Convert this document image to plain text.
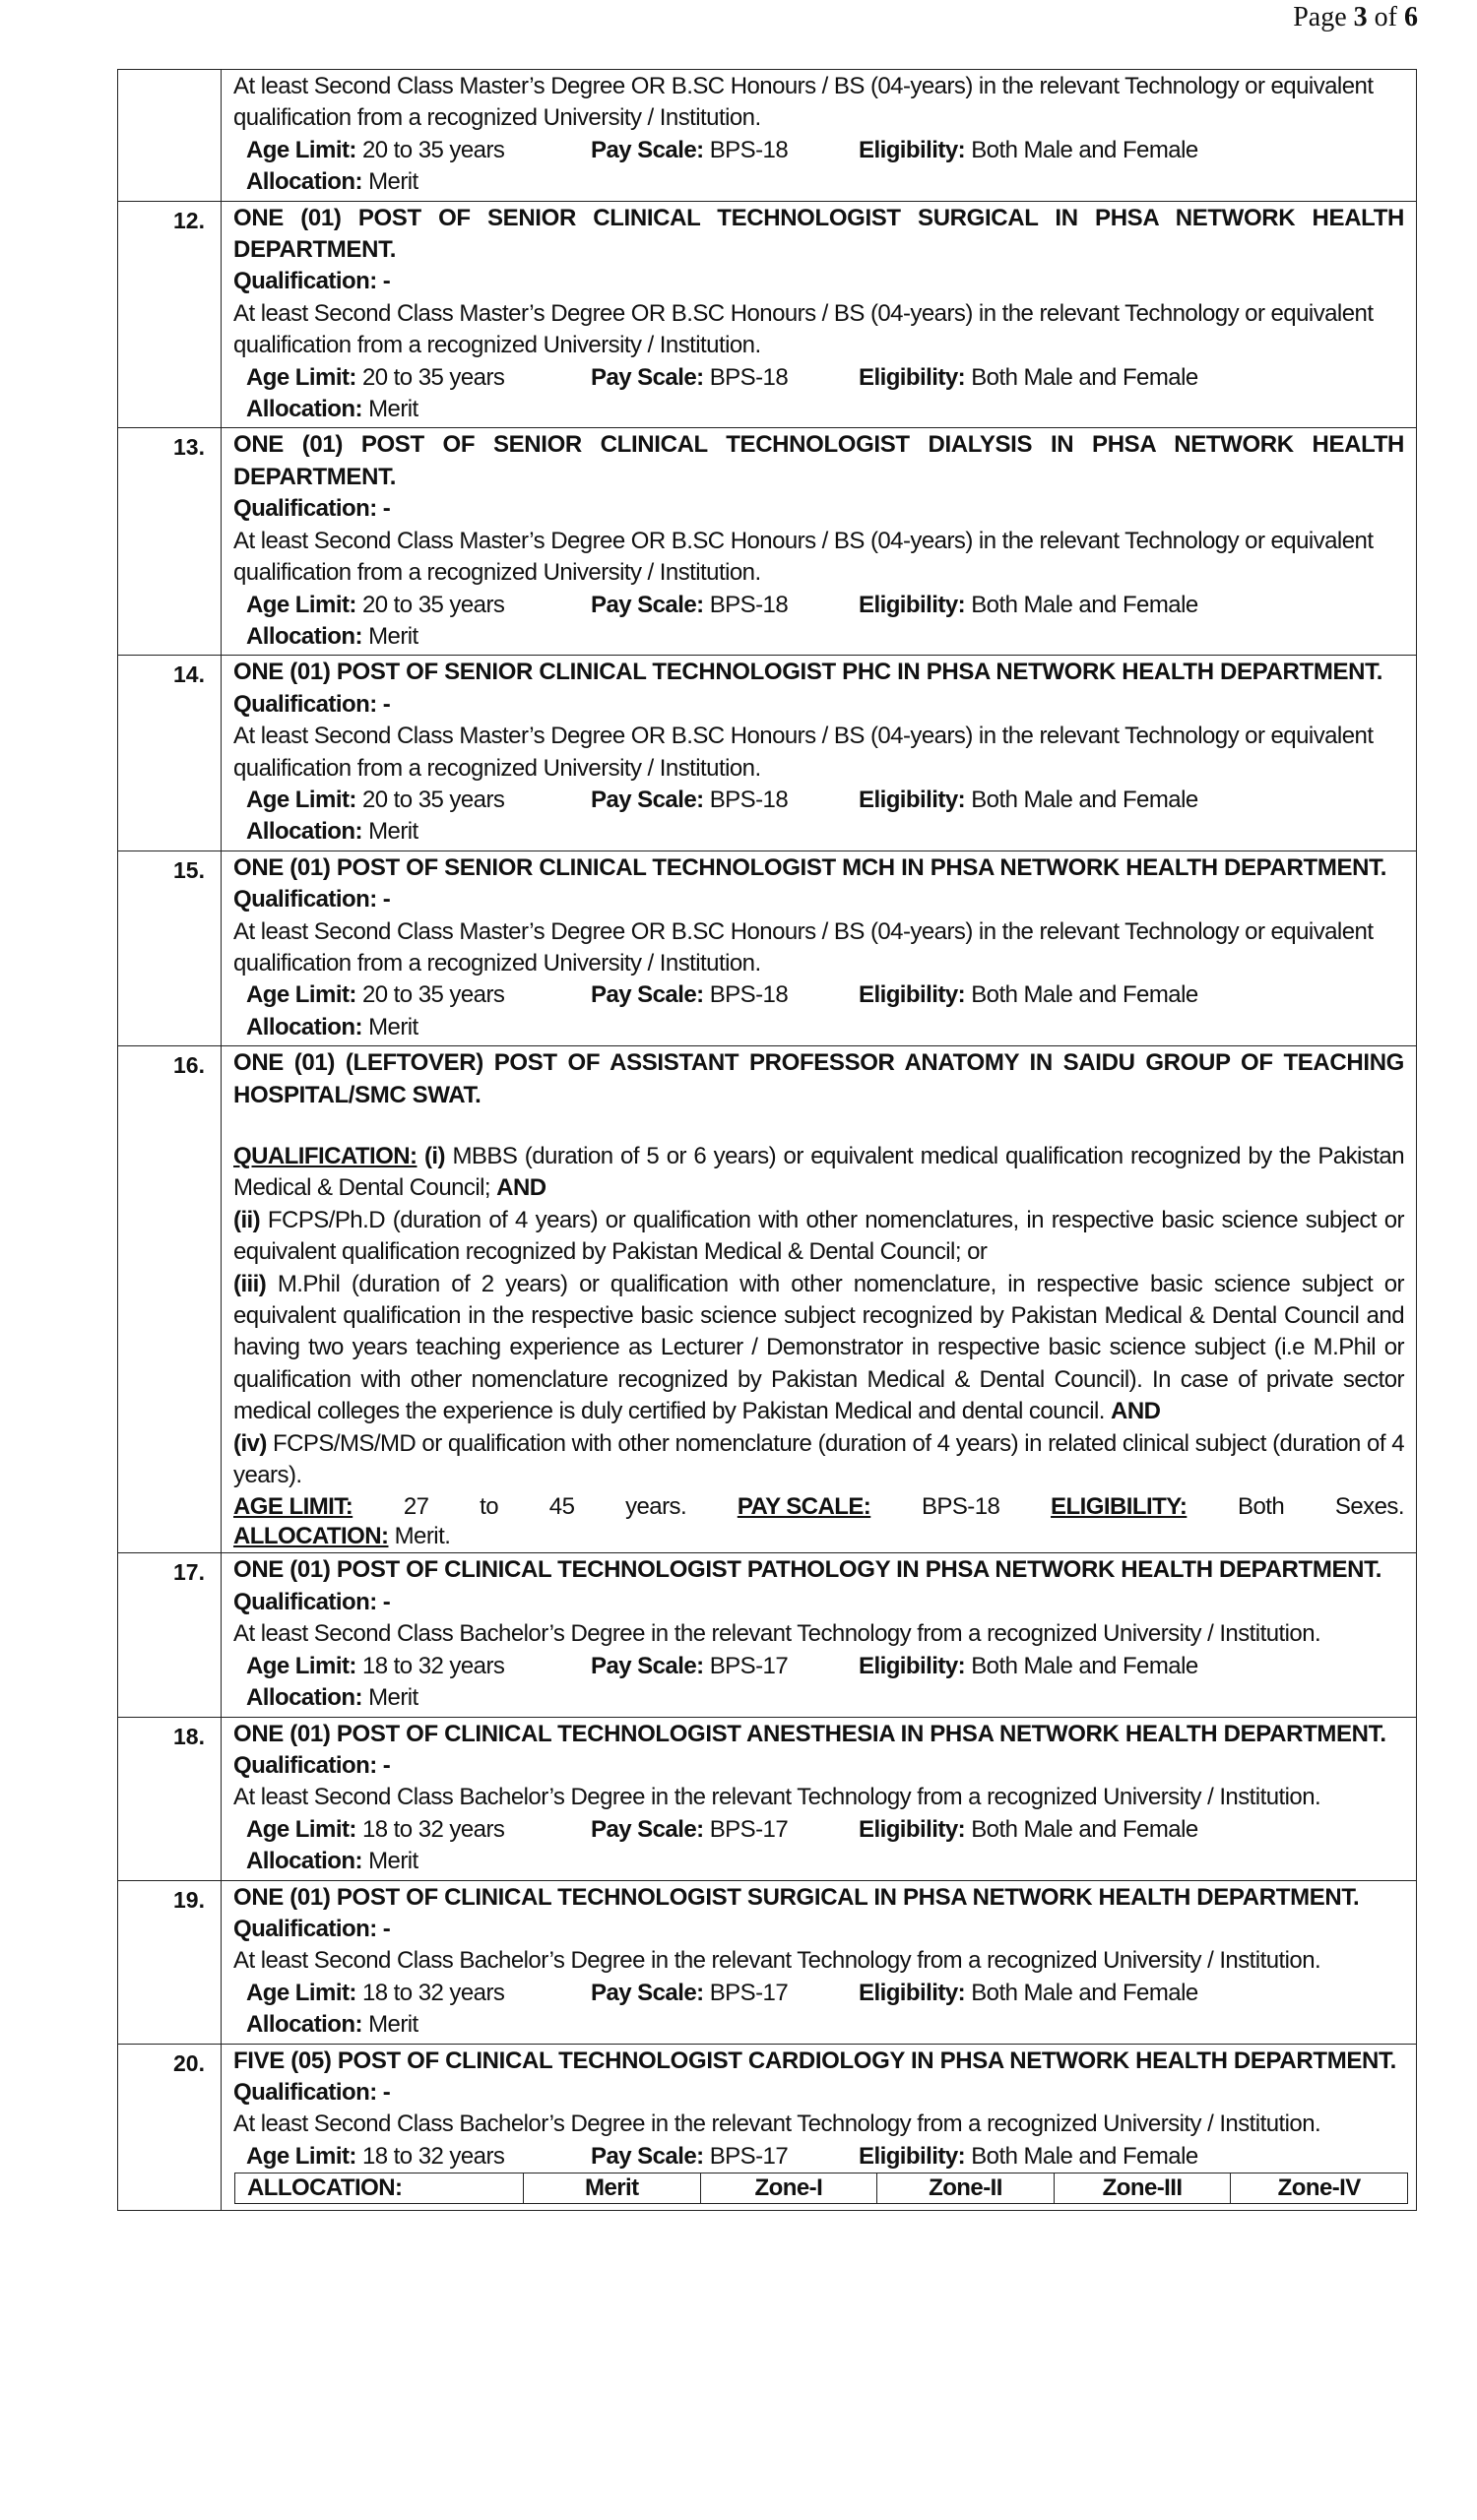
Page 3 of 6

At least Second Class Master’s Degree OR B.SC Honours / BS (04-years) in the relevant Technology or equivalent qualification from a recognized University / Institution.
Age Limit: 20 to 35 years	Pay Scale: BPS-18	Eligibility: Both Male and Female
Allocation: Merit

12.	ONE (01) POST OF SENIOR CLINICAL TECHNOLOGIST SURGICAL IN PHSA NETWORK HEALTH DEPARTMENT.
Qualification: -
At least Second Class Master’s Degree OR B.SC Honours / BS (04-years) in the relevant Technology or equivalent qualification from a recognized University / Institution.
Age Limit: 20 to 35 years	Pay Scale: BPS-18	Eligibility: Both Male and Female
Allocation: Merit

13.	ONE (01) POST OF SENIOR CLINICAL TECHNOLOGIST DIALYSIS IN PHSA NETWORK HEALTH DEPARTMENT.
Qualification: -
At least Second Class Master’s Degree OR B.SC Honours / BS (04-years) in the relevant Technology or equivalent qualification from a recognized University / Institution.
Age Limit: 20 to 35 years	Pay Scale: BPS-18	Eligibility: Both Male and Female
Allocation: Merit

14.	ONE (01) POST OF SENIOR CLINICAL TECHNOLOGIST PHC IN PHSA NETWORK HEALTH DEPARTMENT.
Qualification: -
At least Second Class Master’s Degree OR B.SC Honours / BS (04-years) in the relevant Technology or equivalent qualification from a recognized University / Institution.
Age Limit: 20 to 35 years	Pay Scale: BPS-18	Eligibility: Both Male and Female
Allocation: Merit

15.	ONE (01) POST OF SENIOR CLINICAL TECHNOLOGIST MCH IN PHSA NETWORK HEALTH DEPARTMENT.
Qualification: -
At least Second Class Master’s Degree OR B.SC Honours / BS (04-years) in the relevant Technology or equivalent qualification from a recognized University / Institution.
Age Limit: 20 to 35 years	Pay Scale: BPS-18	Eligibility: Both Male and Female
Allocation: Merit

16.	ONE (01) (LEFTOVER) POST OF ASSISTANT PROFESSOR ANATOMY IN SAIDU GROUP OF TEACHING HOSPITAL/SMC SWAT.
QUALIFICATION: (i) MBBS (duration of 5 or 6 years) or equivalent medical qualification recognized by the Pakistan Medical & Dental Council; AND
(ii) FCPS/Ph.D (duration of 4 years) or qualification with other nomenclatures, in respective basic science subject or equivalent qualification recognized by Pakistan Medical & Dental Council; or
(iii) M.Phil (duration of 2 years) or qualification with other nomenclature, in respective basic science subject or equivalent qualification in the respective basic science subject recognized by Pakistan Medical & Dental Council and having two years teaching experience as Lecturer / Demonstrator in respective basic science subject (i.e M.Phil or qualification with other nomenclature recognized by Pakistan Medical & Dental Council). In case of private sector medical colleges the experience is duly certified by Pakistan Medical and dental council. AND
(iv) FCPS/MS/MD or qualification with other nomenclature (duration of 4 years) in related clinical subject (duration of 4 years).
AGE LIMIT: 27 to 45 years. PAY SCALE: BPS-18 ELIGIBILITY: Both Sexes.
ALLOCATION: Merit.

17.	ONE (01) POST OF CLINICAL TECHNOLOGIST PATHOLOGY IN PHSA NETWORK HEALTH DEPARTMENT.
Qualification: -
At least Second Class Bachelor’s Degree in the relevant Technology from a recognized University / Institution.
Age Limit: 18 to 32 years	Pay Scale: BPS-17	Eligibility: Both Male and Female
Allocation: Merit

18.	ONE (01) POST OF CLINICAL TECHNOLOGIST ANESTHESIA IN PHSA NETWORK HEALTH DEPARTMENT.
Qualification: -
At least Second Class Bachelor’s Degree in the relevant Technology from a recognized University / Institution.
Age Limit: 18 to 32 years	Pay Scale: BPS-17	Eligibility: Both Male and Female
Allocation: Merit

19.	ONE (01) POST OF CLINICAL TECHNOLOGIST SURGICAL IN PHSA NETWORK HEALTH DEPARTMENT.
Qualification: -
At least Second Class Bachelor’s Degree in the relevant Technology from a recognized University / Institution.
Age Limit: 18 to 32 years	Pay Scale: BPS-17	Eligibility: Both Male and Female
Allocation: Merit

20.	FIVE (05) POST OF CLINICAL TECHNOLOGIST CARDIOLOGY IN PHSA NETWORK HEALTH DEPARTMENT.
Qualification: -
At least Second Class Bachelor’s Degree in the relevant Technology from a recognized University / Institution.
Age Limit: 18 to 32 years	Pay Scale: BPS-17	Eligibility: Both Male and Female
ALLOCATION:	Merit	Zone-I	Zone-II	Zone-III	Zone-IV
